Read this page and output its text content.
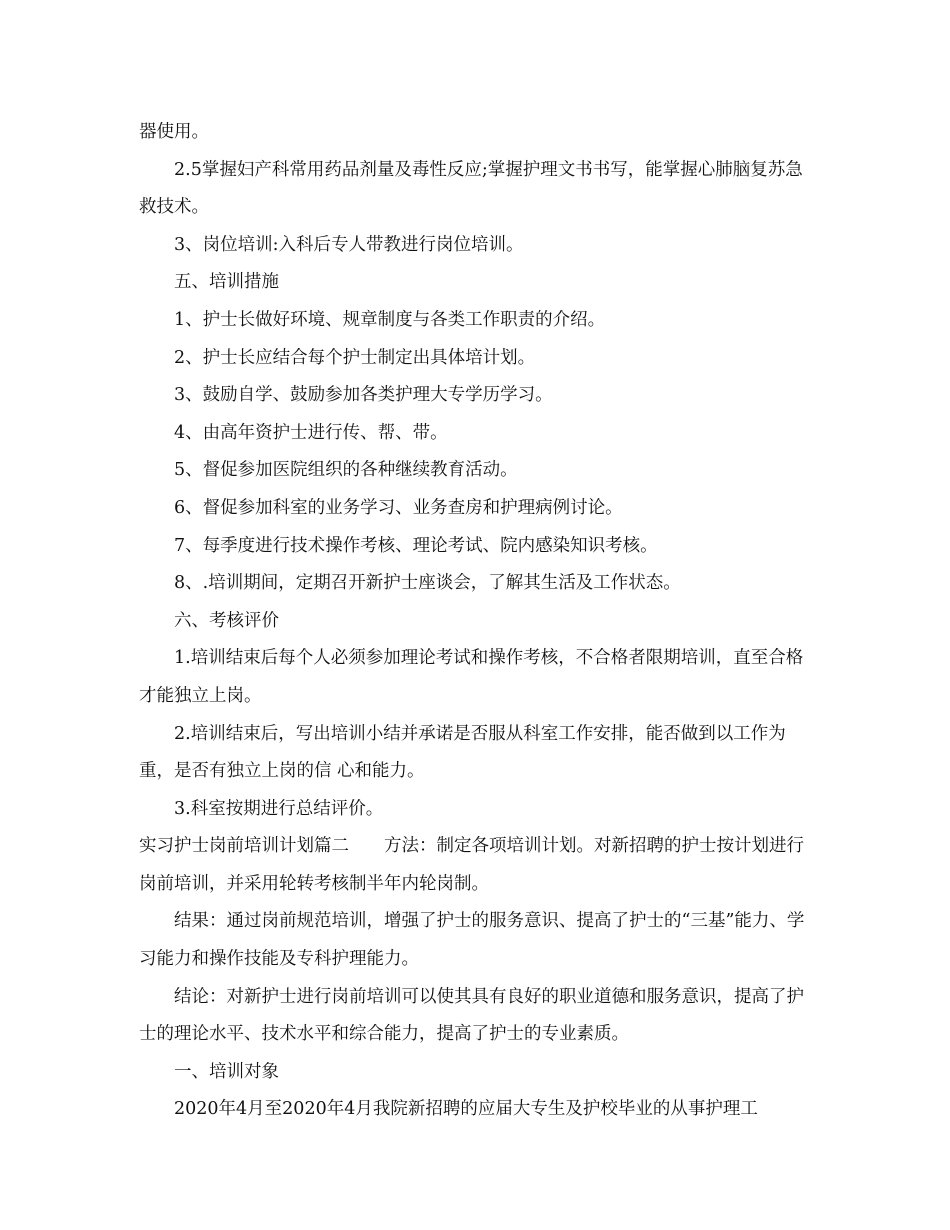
器使用。

2.5掌握妇产科常用药品剂量及毒性反应;掌握护理文书书写，能掌握心肺脑复苏急救技术。

3、岗位培训:入科后专人带教进行岗位培训。

五、培训措施

1、护士长做好环境、规章制度与各类工作职责的介绍。

2、护士长应结合每个护士制定出具体培计划。

3、鼓励自学、鼓励参加各类护理大专学历学习。

4、由高年资护士进行传、帮、带。

5、督促参加医院组织的各种继续教育活动。

6、督促参加科室的业务学习、业务查房和护理病例讨论。

7、每季度进行技术操作考核、理论考试、院内感染知识考核。

8、.培训期间，定期召开新护士座谈会，了解其生活及工作状态。

六、考核评价

1.培训结束后每个人必须参加理论考试和操作考核，不合格者限期培训，直至合格才能独立上岗。

2.培训结束后，写出培训小结并承诺是否服从科室工作安排，能否做到以工作为重，是否有独立上岗的信 心和能力。

3.科室按期进行总结评价。

实习护士岗前培训计划篇二　　方法：制定各项培训计划。对新招聘的护士按计划进行岗前培训，并采用轮转考核制半年内轮岗制。

结果：通过岗前规范培训，增强了护士的服务意识、提高了护士的“三基”能力、学习能力和操作技能及专科护理能力。

结论：对新护士进行岗前培训可以使其具有良好的职业道德和服务意识，提高了护士的理论水平、技术水平和综合能力，提高了护士的专业素质。

一、培训对象

2020年4月至2020年4月我院新招聘的应届大专生及护校毕业的从事护理工
